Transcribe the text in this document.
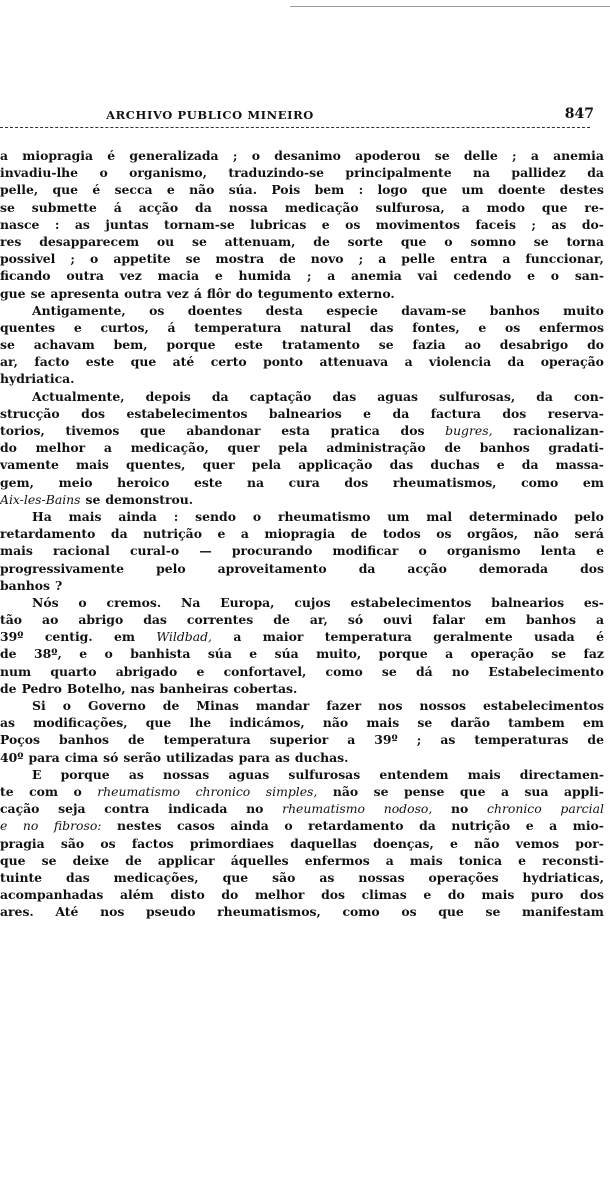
ARCHIVO PUBLICO MINEIRO	847
a miopragia é generalizada ; o desanimo apoderou se delle ; a anemia
invadiu-lhe o organismo, traduzindo-se principalmente na pallidez da
pelle, que é secca e não súa. Pois bem : logo que um doente destes
se submette á acção da nossa medicação sulfurosa, a modo que re-
nasce : as juntas tornam-se lubricas e os movimentos faceis ; as do-
res desapparecem ou se attenuam, de sorte que o somno se torna
possivel ; o appetite se mostra de novo ; a pelle entra a funccionar,
ficando outra vez macia e humida ; a anemia vai cedendo e o san-
gue se apresenta outra vez á flôr do tegumento externo.
Antigamente, os doentes desta especie davam-se banhos muito
quentes e curtos, á temperatura natural das fontes, e os enfermos
se achavam bem, porque este tratamento se fazia ao desabrigo do
ar, facto este que até certo ponto attenuava a violencia da operação
hydriatica.
Actualmente, depois da captação das aguas sulfurosas, da con-
strucção dos estabelecimentos balnearios e da factura dos reserva-
torios, tivemos que abandonar esta pratica dos bugres, racionalizan-
do melhor a medicação, quer pela administração de banhos gradati-
vamente mais quentes, quer pela applicação das duchas e da massa-
gem, meio heroico este na cura dos rheumatismos, como em
Aix-les-Bains se demonstrou.
Ha mais ainda : sendo o rheumatismo um mal determinado pelo
retardamento da nutrição e a miopragia de todos os orgãos, não será
mais racional cural-o — procurando modificar o organismo lenta e
progressivamente	pelo	aproveitamento	da	acção	demorada	dos
banhos ?
Nós o cremos. Na Europa, cujos estabelecimentos balnearios es-
tão ao abrigo das correntes de ar, só ouvi falar em banhos a
39º centig. em Wildbad, a maior temperatura geralmente usada é
de 38º, e o banhista súa e súa muito, porque a operação se faz
num quarto abrigado e confortavel, como se dá no Estabelecimento
de Pedro Botelho, nas banheiras cobertas.
Si o Governo de Minas mandar fazer nos nossos estabelecimentos
as modificações, que lhe indicámos, não mais se darão tambem em
Poços banhos de temperatura superior a 39º ; as temperaturas de
40º para cima só serão utilizadas para as duchas.
E porque as nossas aguas sulfurosas entendem mais directamen-
te com o rheumatismo chronico simples, não se pense que a sua appli-
cação seja contra indicada no rheumatismo nodoso, no chronico parcial
e no fibroso: nestes casos ainda o retardamento da nutrição e a mio-
pragia são os factos primordiaes daquellas doenças, e não vemos por-
que se deixe de applicar áquelles enfermos a mais tonica e reconsti-
tuinte das medicações, que são as nossas operações hydriaticas,
acompanhadas além disto do melhor dos climas e do mais puro dos
ares. Até nos pseudo rheumatismos, como os que se manifestam
